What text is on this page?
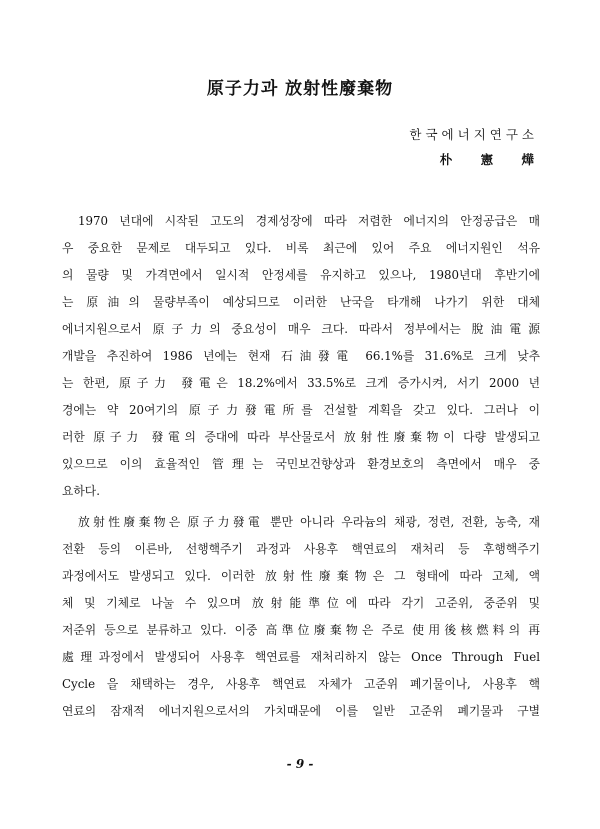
原子力과 放射性廢棄物
한국에너지연구소
朴 憲 燁
1970 년대에 시작된 고도의 경제성장에 따라 저렴한 에너지의 안정공급은 매
우 중요한 문제로 대두되고 있다. 비록 최근에 있어 주요 에너지원인 석유
의 물량 및 가격면에서 일시적 안정세를 유지하고 있으나, 1980년대 후반기에
는 原油의 물량부족이 예상되므로 이러한 난국을 타개해 나가기 위한 대체
에너지원으로서 原子力의 중요성이 매우 크다. 따라서 정부에서는 脫油電源
개발을 추진하여 1986 년에는 현재 石油發電 66.1%를 31.6%로 크게 낮추
는 한편, 原子力 發電은 18.2%에서 33.5%로 크게 증가시켜, 서기 2000 년
경에는 약 20여기의 原子力發電所를 건설할 계획을 갖고 있다. 그러나 이
러한 原子力 發電의 증대에 따라 부산물로서 放射性廢棄物이 다량 발생되고
있으므로 이의 효율적인 管理는 국민보건향상과 환경보호의 측면에서 매우 중
요하다.
放射性廢棄物은 原子力發電 뿐만 아니라 우라늄의 채광, 정련, 전환, 농축, 재
전환 등의 이른바, 선행핵주기 과정과 사용후 핵연료의 재처리 등 후행핵주기
과정에서도 발생되고 있다. 이러한 放射性廢棄物은 그 형태에 따라 고체, 액
체 및 기체로 나눌 수 있으며 放射能準位에 따라 각기 고준위, 중준위 및
저준위 등으로 분류하고 있다. 이중 高準位廢棄物은 주로 使用後核燃料의 再
處理과정에서 발생되어 사용후 핵연료를 재처리하지 않는 Once Through Fuel
Cycle 을 채택하는 경우, 사용후 핵연료 자체가 고준위 폐기물이나, 사용후 핵
연료의 잠재적 에너지원으로서의 가치때문에 이를 일반 고준위 폐기물과 구별
- 9 -
